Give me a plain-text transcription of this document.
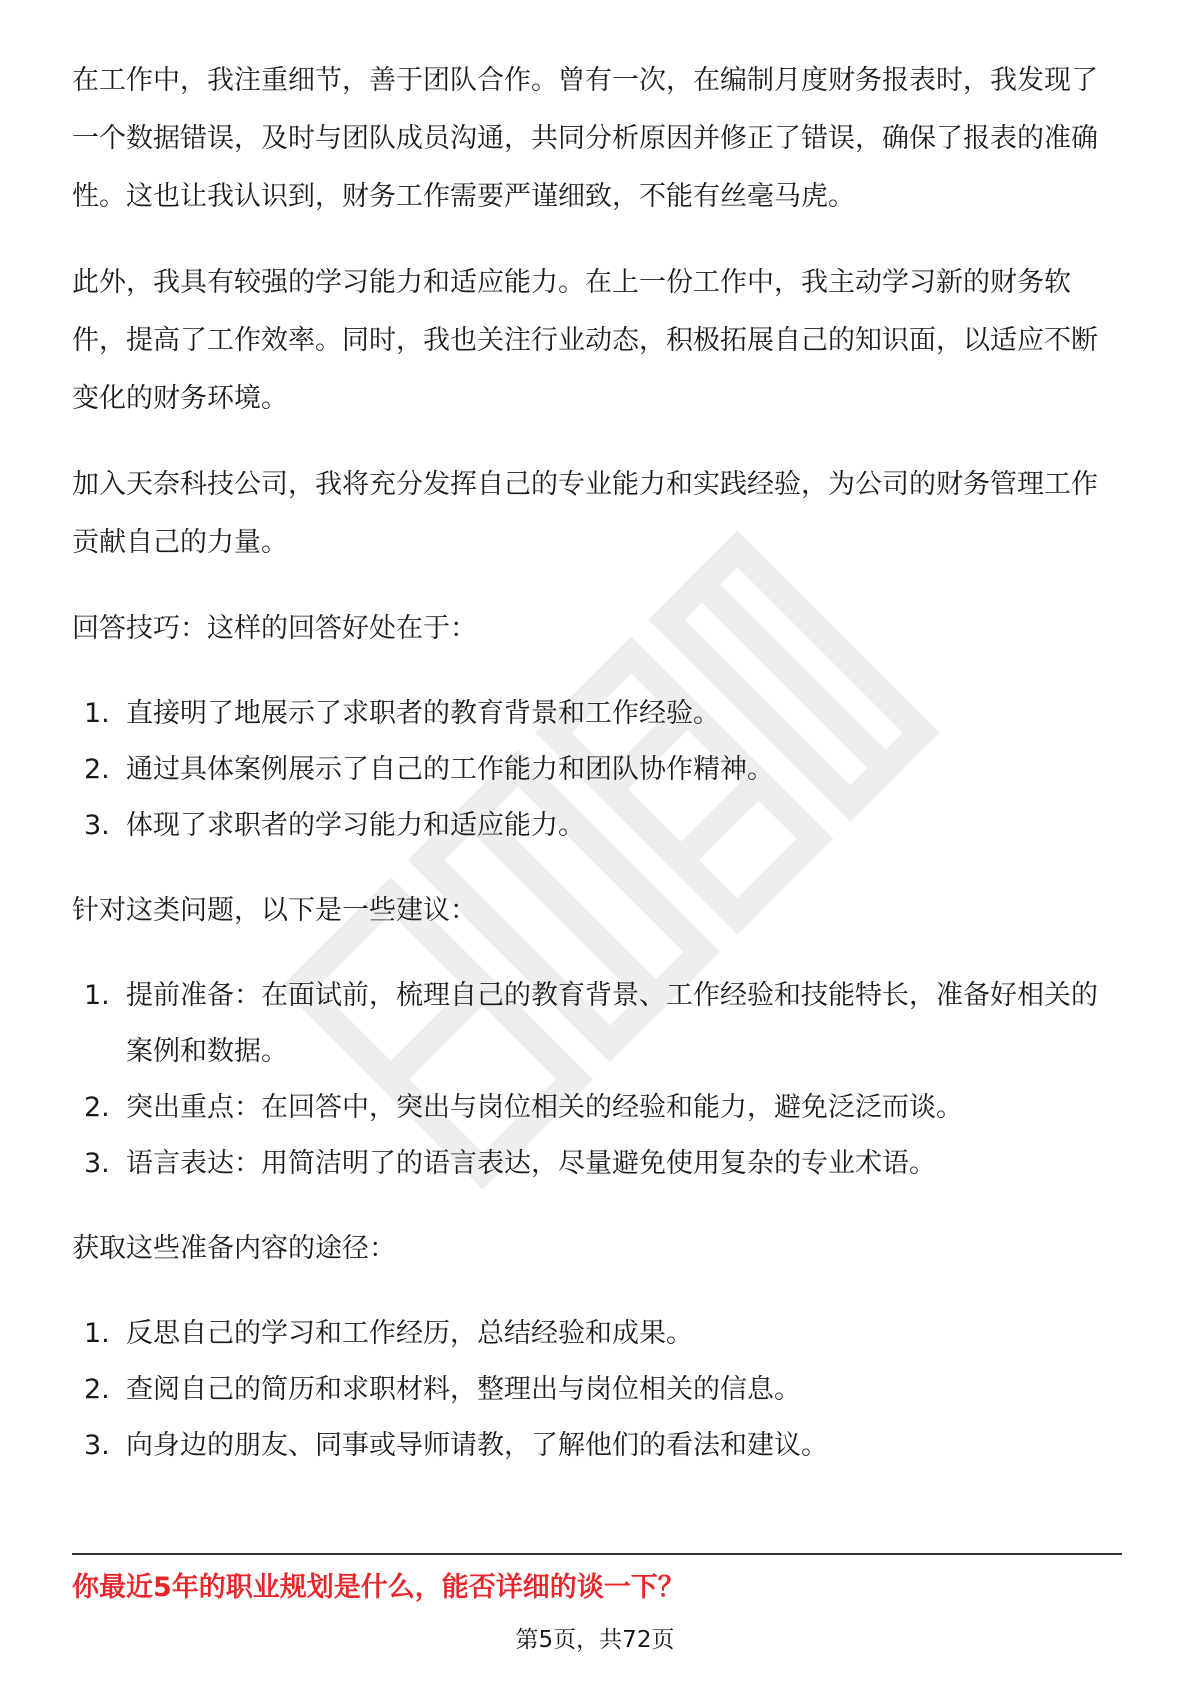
在工作中，我注重细节，善于团队合作。曾有一次，在编制月度财务报表时，我发现了一个数据错误，及时与团队成员沟通，共同分析原因并修正了错误，确保了报表的准确性。这也让我认识到，财务工作需要严谨细致，不能有丝毫马虎。

此外，我具有较强的学习能力和适应能力。在上一份工作中，我主动学习新的财务软件，提高了工作效率。同时，我也关注行业动态，积极拓展自己的知识面，以适应不断变化的财务环境。

加入天奈科技公司，我将充分发挥自己的专业能力和实践经验，为公司的财务管理工作贡献自己的力量。

回答技巧：这样的回答好处在于：

1. 直接明了地展示了求职者的教育背景和工作经验。
2. 通过具体案例展示了自己的工作能力和团队协作精神。
3. 体现了求职者的学习能力和适应能力。

针对这类问题，以下是一些建议：

1. 提前准备：在面试前，梳理自己的教育背景、工作经验和技能特长，准备好相关的案例和数据。
2. 突出重点：在回答中，突出与岗位相关的经验和能力，避免泛泛而谈。
3. 语言表达：用简洁明了的语言表达，尽量避免使用复杂的专业术语。

获取这些准备内容的途径：

1. 反思自己的学习和工作经历，总结经验和成果。
2. 查阅自己的简历和求职材料，整理出与岗位相关的信息。
3. 向身边的朋友、同事或导师请教，了解他们的看法和建议。
你最近5年的职业规划是什么，能否详细的谈一下？
第5页，共72页
